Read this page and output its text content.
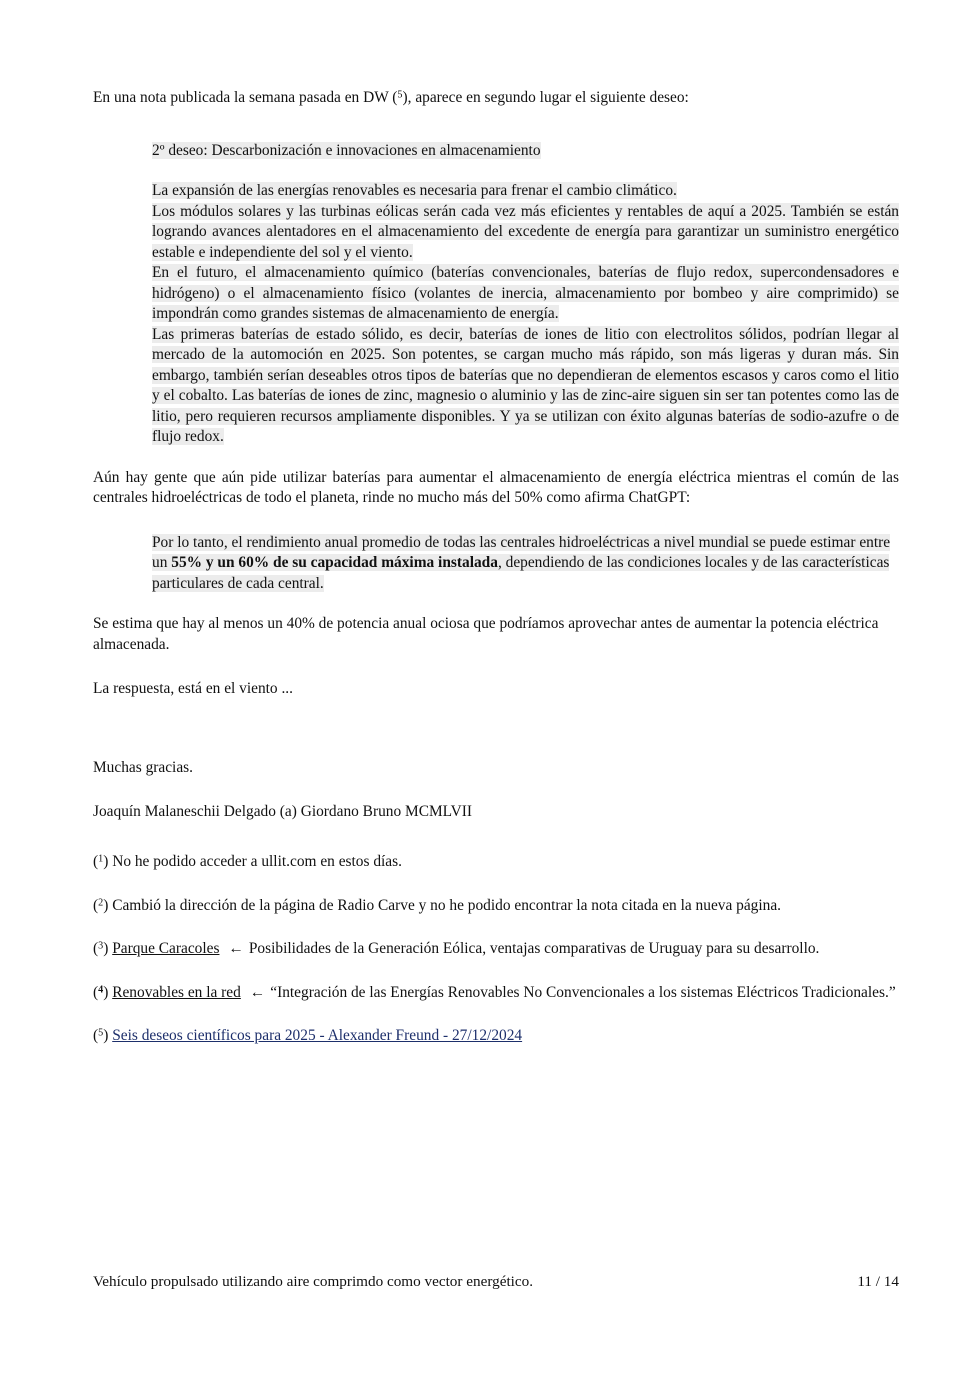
En una nota publicada la semana pasada en DW ($^5$), aparece en segundo lugar el siguiente deseo:

2º deseo: Descarbonización e innovaciones en almacenamiento

La expansión de las energías renovables es necesaria para frenar el cambio climático.

Los módulos solares y las turbinas eólicas serán cada vez más eficientes y rentables de aquí a 2025. También se están logrando avances alentadores en el almacenamiento del excedente de energía para garantizar un suministro energético estable e independiente del sol y el viento.

En el futuro, el almacenamiento químico (baterías convencionales, baterías de flujo redox, supercondensadores e hidrógeno) o el almacenamiento físico (volantes de inercia, almacenamiento por bombeo y aire comprimido) se impondrán como grandes sistemas de almacenamiento de energía.

Las primeras baterías de estado sólido, es decir, baterías de iones de litio con electrolitos sólidos, podrían llegar al mercado de la automoción en 2025. Son potentes, se cargan mucho más rápido, son más ligeras y duran más. Sin embargo, también serían deseables otros tipos de baterías que no dependieran de elementos escasos y caros como el litio y el cobalto. Las baterías de iones de zinc, magnesio o aluminio y las de zinc-aire siguen sin ser tan potentes como las de litio, pero requieren recursos ampliamente disponibles. Y ya se utilizan con éxito algunas baterías de sodio-azufre o de flujo redox.

Aún hay gente que aún pide utilizar baterías para aumentar el almacenamiento de energía eléctrica mientras el común de las centrales hidroeléctricas de todo el planeta, rinde no mucho más del 50% como afirma ChatGPT:

Por lo tanto, el rendimiento anual promedio de todas las centrales hidroeléctricas a nivel mundial se puede estimar entre un 55% y un 60% de su capacidad máxima instalada, dependiendo de las condiciones locales y de las características particulares de cada central.

Se estima que hay al menos un 40% de potencia anual ociosa que podríamos aprovechar antes de aumentar la potencia eléctrica almacenada.

La respuesta, está en el viento ...

Muchas gracias.

Joaquín Malaneschii Delgado (a) Giordano Bruno MCMLVII

($^1$) No he podido acceder a ullit.com en estos días.

($^2$) Cambió la dirección de la página de Radio Carve y no he podido encontrar la nota citada en la nueva página.

($^3$) Parque Caracoles ← Posibilidades de la Generación Eólica, ventajas comparativas de Uruguay para su desarrollo.

($^4$) Renovables en la red ← “Integración de las Energías Renovables No Convencionales a los sistemas Eléctricos Tradicionales.”

($^5$) Seis deseos científicos para 2025 - Alexander Freund - 27/12/2024

Vehículo propulsado utilizando aire comprimdo como vector energético.	11 / 14
